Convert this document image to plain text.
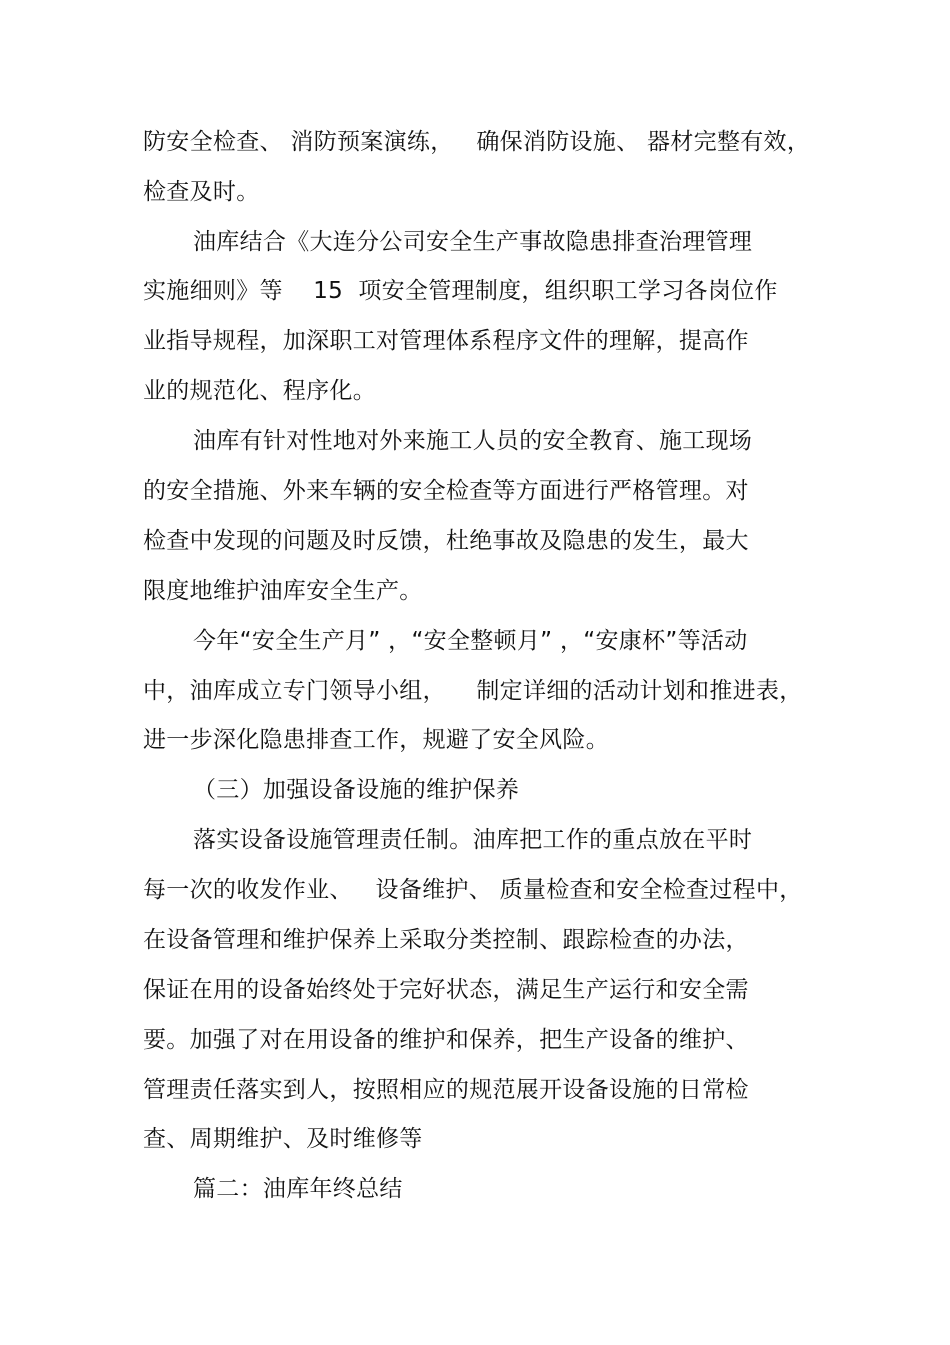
防安全检查、 消防预案演练，   确保消防设施、 器材完整有效，
检查及时。
油库结合《大连分公司安全生产事故隐患排查治理管理
实施细则》等    15  项安全管理制度，组织职工学习各岗位作
业指导规程，加深职工对管理体系程序文件的理解，提高作
业的规范化、程序化。
油库有针对性地对外来施工人员的安全教育、施工现场
的安全措施、外来车辆的安全检查等方面进行严格管理。对
检查中发现的问题及时反馈，杜绝事故及隐患的发生，最大
限度地维护油库安全生产。
今年“安全生产月” ，“安全整顿月” ，“安康杯”等活动
中，油库成立专门领导小组，    制定详细的活动计划和推进表，
进一步深化隐患排查工作，规避了安全风险。
（三）加强设备设施的维护保养
落实设备设施管理责任制。油库把工作的重点放在平时
每一次的收发作业、   设备维护、 质量检查和安全检查过程中，
在设备管理和维护保养上采取分类控制、跟踪检查的办法，
保证在用的设备始终处于完好状态，满足生产运行和安全需
要。加强了对在用设备的维护和保养，把生产设备的维护、
管理责任落实到人，按照相应的规范展开设备设施的日常检
查、周期维护、及时维修等
篇二：油库年终总结
